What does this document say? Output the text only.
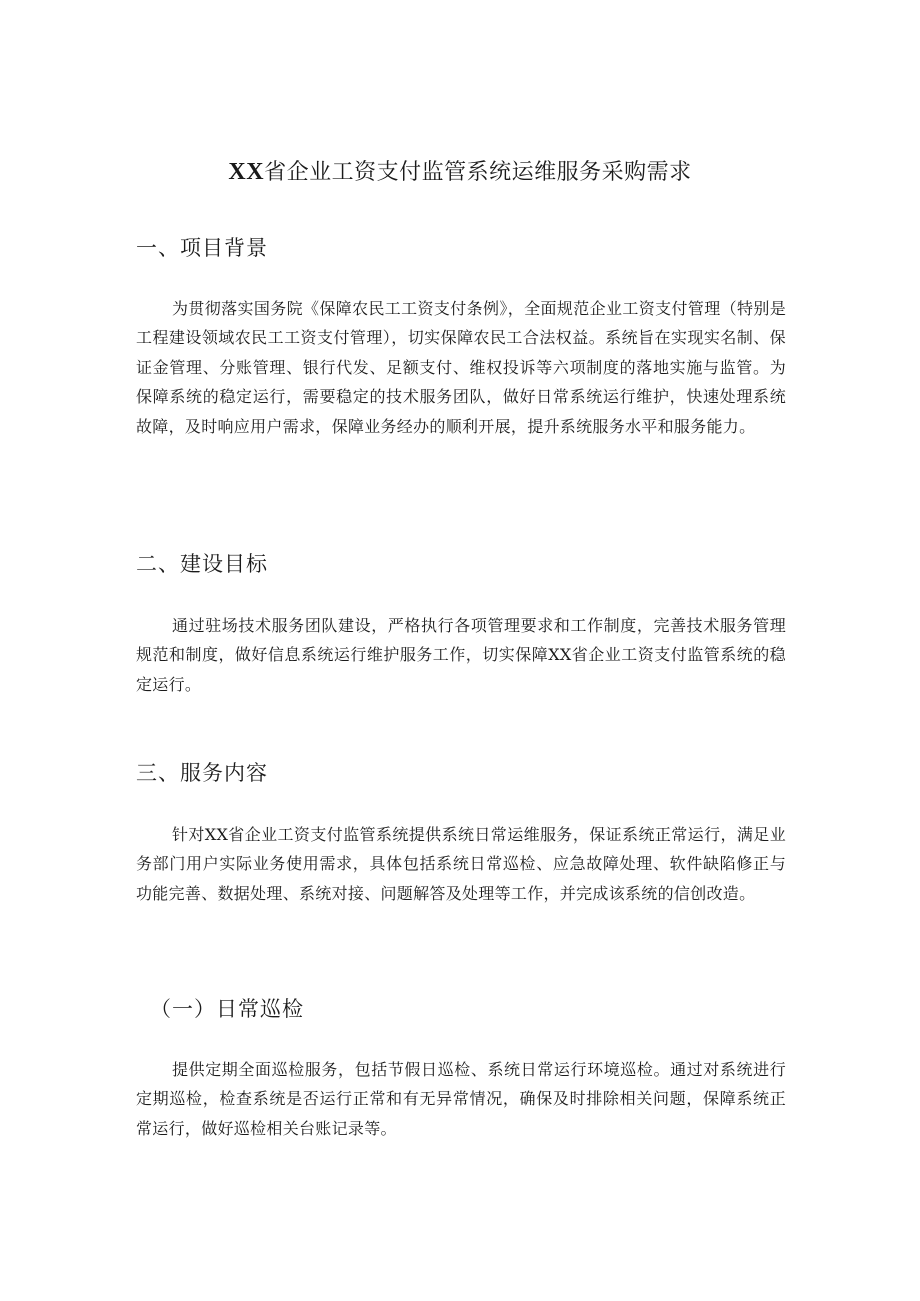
XX省企业工资支付监管系统运维服务采购需求
一、项目背景

为贯彻落实国务院《保障农民工工资支付条例》，全面规范企业工资支付管理（特别是工程建设领域农民工工资支付管理），切实保障农民工合法权益。系统旨在实现实名制、保证金管理、分账管理、银行代发、足额支付、维权投诉等六项制度的落地实施与监管。为保障系统的稳定运行，需要稳定的技术服务团队，做好日常系统运行维护，快速处理系统故障，及时响应用户需求，保障业务经办的顺利开展，提升系统服务水平和服务能力。

二、建设目标

通过驻场技术服务团队建设，严格执行各项管理要求和工作制度，完善技术服务管理规范和制度，做好信息系统运行维护服务工作，切实保障XX省企业工资支付监管系统的稳定运行。

三、服务内容

针对XX省企业工资支付监管系统提供系统日常运维服务，保证系统正常运行，满足业务部门用户实际业务使用需求，具体包括系统日常巡检、应急故障处理、软件缺陷修正与功能完善、数据处理、系统对接、问题解答及处理等工作，并完成该系统的信创改造。

（一）日常巡检

提供定期全面巡检服务，包括节假日巡检、系统日常运行环境巡检。通过对系统进行定期巡检，检查系统是否运行正常和有无异常情况，确保及时排除相关问题，保障系统正常运行，做好巡检相关台账记录等。
